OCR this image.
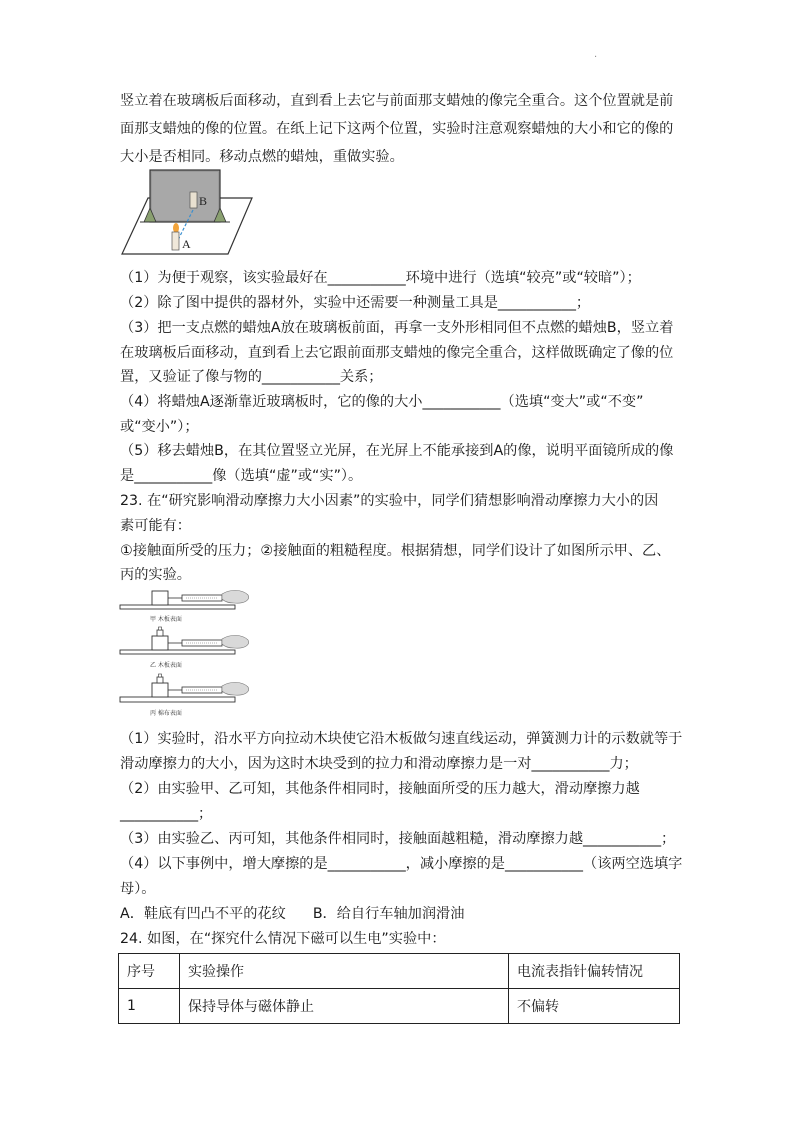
·
竖立着在玻璃板后面移动，直到看上去它与前面那支蜡烛的像完全重合。这个位置就是前
面那支蜡烛的像的位置。在纸上记下这两个位置，实验时注意观察蜡烛的大小和它的像的
大小是否相同。移动点燃的蜡烛，重做实验。
B
A
（1）为便于观察，该实验最好在___________环境中进行（选填“较亮”或“较暗”）；
（2）除了图中提供的器材外，实验中还需要一种测量工具是___________；
（3）把一支点燃的蜡烛A放在玻璃板前面，再拿一支外形相同但不点燃的蜡烛B，竖立着
在玻璃板后面移动，直到看上去它跟前面那支蜡烛的像完全重合，这样做既确定了像的位
置，又验证了像与物的___________关系；
（4）将蜡烛A逐渐靠近玻璃板时，它的像的大小___________（选填“变大”或“不变”
或“变小”）；
（5）移去蜡烛B，在其位置竖立光屏，在光屏上不能承接到A的像，说明平面镜所成的像
是___________像（选填“虚”或“实”）。
23. 在“研究影响滑动摩擦力大小因素”的实验中，同学们猜想影响滑动摩擦力大小的因
素可能有：
①接触面所受的压力；②接触面的粗糙程度。根据猜想，同学们设计了如图所示甲、乙、
丙的实验。
甲 木板表面
乙 木板表面
丙 棉布表面
（1）实验时，沿水平方向拉动木块使它沿木板做匀速直线运动，弹簧测力计的示数就等于
滑动摩擦力的大小，因为这时木块受到的拉力和滑动摩擦力是一对___________力；
（2）由实验甲、乙可知，其他条件相同时，接触面所受的压力越大，滑动摩擦力越
___________；
（3）由实验乙、丙可知，其他条件相同时，接触面越粗糙，滑动摩擦力越___________；
（4）以下事例中，增大摩擦的是___________，减小摩擦的是___________（该两空选填字
母）。
A．鞋底有凹凸不平的花纹      B．给自行车轴加润滑油
24. 如图，在“探究什么情况下磁可以生电”实验中：
序号	实验操作	电流表指针偏转情况
1	保持导体与磁体静止	不偏转
